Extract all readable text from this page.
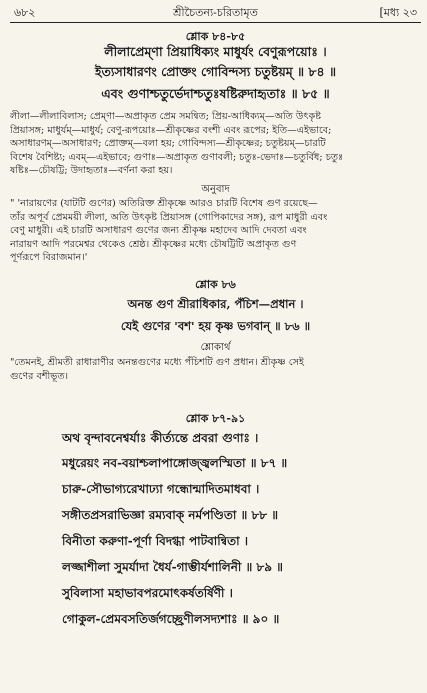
৬৮২	শ্রীচৈতন্য-চরিতামৃত	[মধ্য ২৩
শ্লোক ৮৪-৮৫
লীলাপ্রেম্ণা প্রিয়াধিক্যং মাধুর্যং বেণুরূপয়োঃ ।
ইত্যসাধারণং প্রোক্তং গোবিন্দস্য চতুষ্টয়ম্ ॥ ৮৪ ॥
এবং গুণাশ্চতুর্ভেদাশ্চতুঃষষ্টিরুদাহৃতাঃ ॥ ৮৫ ॥
লীলা—লীলাবিলাস; প্রেম্ণা—অপ্রাকৃত প্রেম সমন্বিত; প্রিয়-আধিক্যম্—অতি উৎকৃষ্ট
প্রিয়াসঙ্গ; মাধুর্যম্—মাধুর্য; বেণু-রূপয়োঃ—শ্রীকৃষ্ণের বংশী এবং রূপের; ইতি—এইভাবে;
অসাধারণম্—অসাধারণ; প্রোক্তম্—বলা হয়; গোবিন্দস্য—শ্রীকৃষ্ণের; চতুষ্টয়ম্—চারটি
বিশেষ বৈশিষ্ট্য; এবম্—এইভাবে; গুণাঃ—অপ্রাকৃত গুণাবলী; চতুঃ-ভেদাঃ—চতুর্বিধ; চতুঃ
ষষ্টিঃ—চৌষট্টি; উদাহৃতাঃ—বর্ণনা করা হয়।
অনুবাদ
" 'নারায়ণের (যাটটি গুণের) অতিরিক্ত শ্রীকৃষ্ণে আরও চারটি বিশেষ গুণ রয়েছে—
তাঁর অপূর্ব প্রেমময়ী লীলা, অতি উৎকৃষ্ট প্রিয়াসঙ্গ (গোপিকাদের সঙ্গ), রূপ মাধুরী এবং
বেণু মাধুরী। এই চারটি অসাধারণ গুণের জন্য শ্রীকৃষ্ণ মহাদেব আদি দেবতা এবং
নারায়ণ আদি পরমেশ্বর থেকেও শ্রেষ্ঠ। শ্রীকৃষ্ণের মধ্যে চৌষট্টিটি অপ্রাকৃত গুণ
পূর্ণরূপে বিরাজমান।'
শ্লোক ৮৬
অনন্ত গুণ শ্রীরাধিকার, পঁচিশ—প্রধান ।
যেই গুণের 'বশ' হয় কৃষ্ণ ভগবান্ ॥ ৮৬ ॥
শ্লোকার্থ
"তেমনই, শ্রীমতী রাধারাণীর অনন্তগুণের মধ্যে পঁচিশটি গুণ প্রধান। শ্রীকৃষ্ণ সেই
গুণের বশীভূত।
শ্লোক ৮৭-৯১
অথ বৃন্দাবনেশ্বর্যাঃ কীর্ত্যন্তে প্রবরা গুণাঃ ।
মধুরেয়ং নব-বয়াশ্চলাপাঙ্গোজ্জ্বলস্মিতা ॥ ৮৭ ॥
চারু-সৌভাগ্যরেখাঢ্যা গন্ধোন্মাদিতমাধবা ।
সঙ্গীতপ্রসরাভিজ্ঞা রম্যবাক্ নর্মপণ্ডিতা ॥ ৮৮ ॥
বিনীতা করুণা-পূর্ণা বিদগ্ধা পাটবান্বিতা ।
লজ্জাশীলা সুমর্যাদা ধৈর্য-গাম্ভীর্যশালিনী ॥ ৮৯ ॥
সুবিলাসা মহাভাবপরমোৎকর্ষতর্ষিণী ।
গোকুল-প্রেমবসতির্জগচ্ছ্রেণীলসদ্যশাঃ ॥ ৯০ ॥
